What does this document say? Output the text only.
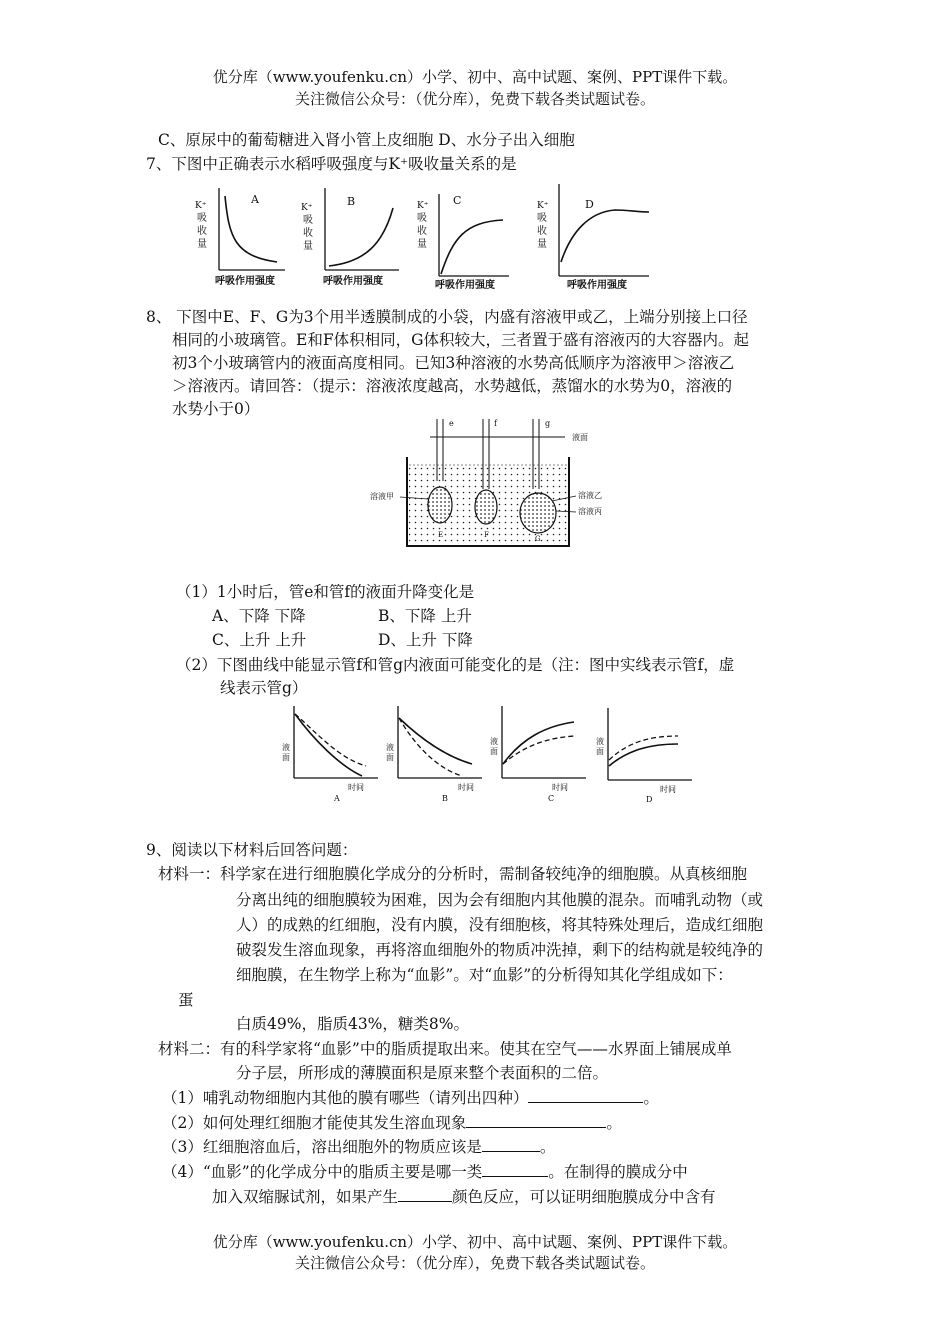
优分库（www.youfenku.cn）小学、初中、高中试题、案例、PPT课件下载。
关注微信公众号：（优分库），免费下载各类试题试卷。
C、原尿中的葡萄糖进入肾小管上皮细胞 D、水分子出入细胞
7、下图中正确表示水稻呼吸强度与K⁺吸收量关系的是
A
K⁺
吸
收
量
呼吸作用强度
B
K⁺
吸
收
量
呼吸作用强度
C
K⁺
吸
收
量
呼吸作用强度
D
K⁺
吸
收
量
呼吸作用强度
8、 下图中E、F、G为3个用半透膜制成的小袋，内盛有溶液甲或乙，上端分别接上口径
相同的小玻璃管。E和F体积相同，G体积较大，三者置于盛有溶液丙的大容器内。起
初3个小玻璃管内的液面高度相同。已知3种溶液的水势高低顺序为溶液甲＞溶液乙
＞溶液丙。请回答：（提示：溶液浓度越高，水势越低，蒸馏水的水势为0，溶液的
水势小于0）
液面
e	f	g
E	F	G
溶液甲	溶液乙
溶液丙
（1）1小时后，管e和管f的液面升降变化是
A、下降 下降	B、下降 上升
C、上升 上升	D、上升 下降
（2）下图曲线中能显示管f和管g内液面可能变化的是（注：图中实线表示管f，虚
线表示管g）
液
面
A
液
面
时间
B
液
面
C
液
面
时间
D
时间	时间
9、阅读以下材料后回答问题：
材料一：科学家在进行细胞膜化学成分的分析时，需制备较纯净的细胞膜。从真核细胞
分离出纯的细胞膜较为困难，因为会有细胞内其他膜的混杂。而哺乳动物（或
人）的成熟的红细胞，没有内膜，没有细胞核，将其特殊处理后，造成红细胞
破裂发生溶血现象，再将溶血细胞外的物质冲洗掉，剩下的结构就是较纯净的
细胞膜，在生物学上称为“血影”。对“血影”的分析得知其化学组成如下：
蛋
白质49%，脂质43%，糖类8%。
材料二：有的科学家将“血影”中的脂质提取出来。使其在空气——水界面上铺展成单
分子层，所形成的薄膜面积是原来整个表面积的二倍。
（1）哺乳动物细胞内其他的膜有哪些（请列出四种）	。
（2）如何处理红细胞才能使其发生溶血现象	。
（3）红细胞溶血后，溶出细胞外的物质应该是	。
（4）“血影”的化学成分中的脂质主要是哪一类	。在制得的膜成分中
加入双缩脲试剂，如果产生	颜色反应，可以证明细胞膜成分中含有
优分库（www.youfenku.cn）小学、初中、高中试题、案例、PPT课件下载。
关注微信公众号：（优分库），免费下载各类试题试卷。
